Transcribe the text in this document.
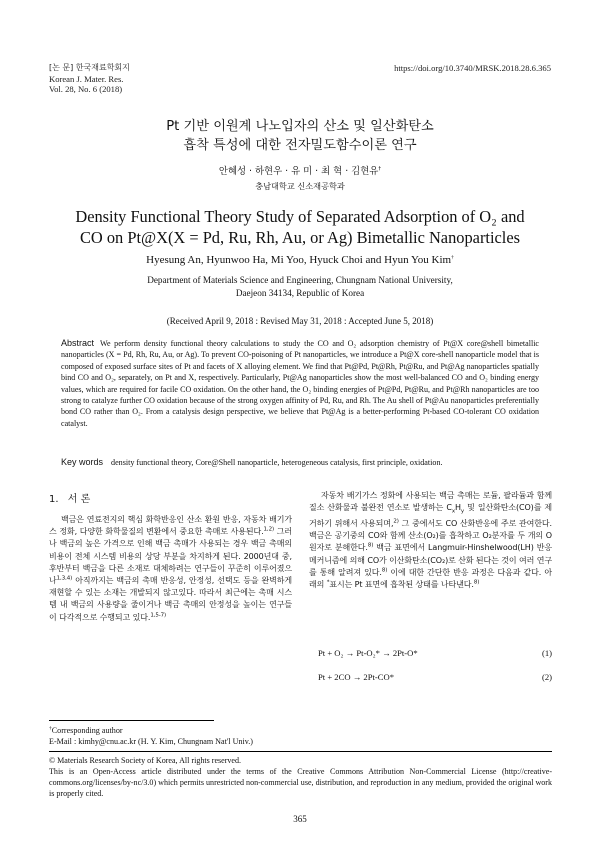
[논 문] 한국재료학회지
Korean J. Mater. Res.
Vol. 28, No. 6 (2018)
https://doi.org/10.3740/MRSK.2018.28.6.365
Pt 기반 이원계 나노입자의 산소 및 일산화탄소
흡착 특성에 대한 전자밀도함수이론 연구
안혜성 · 하현우 · 유 미 · 최 혁 · 김현유†
충남대학교 신소재공학과
Density Functional Theory Study of Separated Adsorption of O₂ and
CO on Pt@X(X = Pd, Ru, Rh, Au, or Ag) Bimetallic Nanoparticles
Hyesung An, Hyunwoo Ha, Mi Yoo, Hyuck Choi and Hyun You Kim†
Department of Materials Science and Engineering, Chungnam National University,
Daejeon 34134, Republic of Korea
(Received April 9, 2018 : Revised May 31, 2018 : Accepted June 5, 2018)
Abstract We perform density functional theory calculations to study the CO and O₂ adsorption chemistry of Pt@X core@shell bimetallic nanoparticles (X = Pd, Rh, Ru, Au, or Ag). To prevent CO-poisoning of Pt nanoparticles, we introduce a Pt@X core-shell nanoparticle model that is composed of exposed surface sites of Pt and facets of X alloying element. We find that Pt@Pd, Pt@Rh, Pt@Ru, and Pt@Ag nanoparticles spatially bind CO and O₂, separately, on Pt and X, respectively. Particularly, Pt@Ag nanoparticles show the most well-balanced CO and O₂ binding energy values, which are required for facile CO oxidation. On the other hand, the O₂ binding energies of Pt@Pd, Pt@Ru, and Pt@Rh nanoparticles are too strong to catalyze further CO oxidation because of the strong oxygen affinity of Pd, Ru, and Rh. The Au shell of Pt@Au nanoparticles preferentially bond CO rather than O₂. From a catalysis design perspective, we believe that Pt@Ag is a better-performing Pt-based CO-tolerant CO oxidation catalyst.
Key words density functional theory, Core@Shell nanoparticle, heterogeneous catalysis, first principle, oxidation.
1. 서 론
백금은 연료전지의 핵심 화학반응인 산소 환원 반응, 자동차 배기가스 정화, 다양한 화학물질의 변환에서 중요한 촉매로 사용된다.$^{1,2)}$ 그러나 백금의 높은 가격으로 인해 백금 촉매가 사용되는 경우 백금 촉매의 비용이 전체 시스템 비용의 상당 부분을 차지하게 된다. 2000년대 중, 후반부터 백금을 다른 소재로 대체하려는 연구들이 꾸준히 이루어졌으나$^{1,3,4)}$ 아직까지는 백금의 촉매 반응성, 안정성, 선택도 등을 완벽하게 재현할 수 있는 소재는 개발되지 않고있다. 따라서 최근에는 촉매 시스템 내 백금의 사용량을 줄이거나 백금 촉매의 안정성을 높이는 연구들이 다각적으로 수행되고 있다.$^{1,5-7)}$
자동차 배기가스 정화에 사용되는 백금 촉매는 로듐, 팔라듐과 함께 질소 산화물과 불완전 연소로 발생하는 $C_xH_y$ 및 일산화탄소(CO)를 제거하기 위해서 사용되며,$^{2)}$ 그 중에서도 CO 산화반응에 주로 관여한다. 백금은 공기중의 CO와 함께 산소(O₂)를 흡착하고 O₂분자를 두 개의 O원자로 분해한다.$^{8)}$ 백금 표면에서 Langmuir-Hinshelwood(LH) 반응 메커니즘에 의해 CO가 이산화탄소(CO₂)로 산화 된다는 것이 여러 연구를 통해 알려져 있다.$^{8)}$ 이에 대한 간단한 반응 과정은 다음과 같다. 아래의 *표시는 Pt 표면에 흡착된 상태를 나타낸다.$^{8)}$
Pt + O₂ → Pt-O₂* → 2Pt-O*	(1)
Pt + 2CO → 2Pt-CO*	(2)
†Corresponding author
E-Mail : kimhy@cnu.ac.kr (H. Y. Kim, Chungnam Nat'l Univ.)
© Materials Research Society of Korea, All rights reserved.
This is an Open-Access article distributed under the terms of the Creative Commons Attribution Non-Commercial License (http://creative-commons.org/licenses/by-nc/3.0) which permits unrestricted non-commercial use, distribution, and reproduction in any medium, provided the original work is properly cited.
365
